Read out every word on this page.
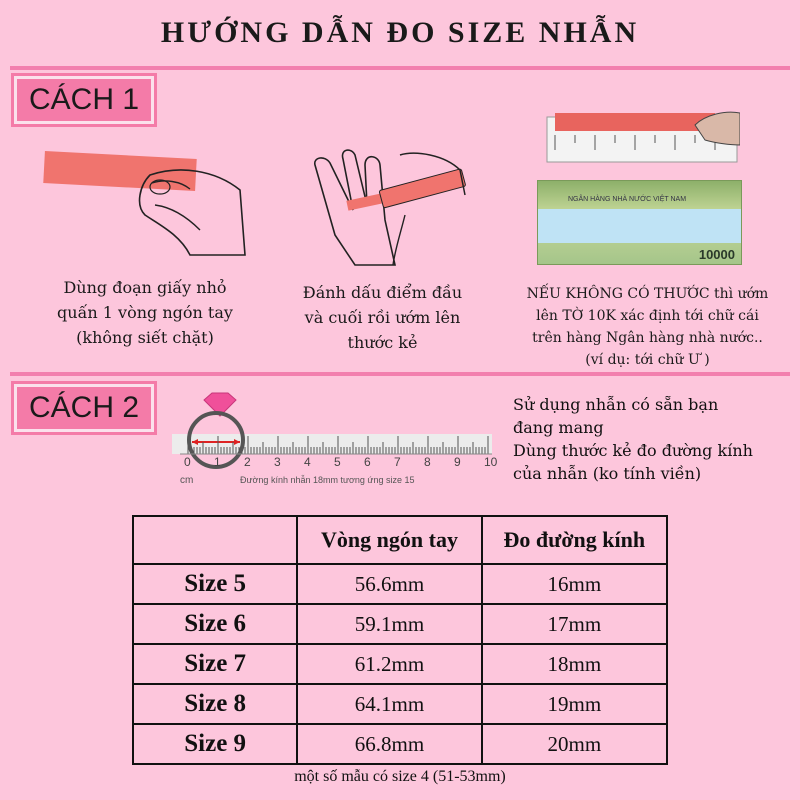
HƯỚNG DẪN ĐO SIZE NHẪN
CÁCH 1
Dùng đoạn giấy nhỏ
quấn 1 vòng ngón tay
(không siết chặt)
Đánh dấu điểm đầu
và cuối rồi ướm lên
thước kẻ
NGÂN HÀNG NHÀ NƯỚC VIỆT NAM
10000
NẾU KHÔNG CÓ THƯỚC thì ướm
lên TỜ 10K xác định tới chữ cái
trên hàng Ngân hàng nhà nước..
(ví dụ: tới chữ Ư )
CÁCH 2
0 1 2 3 4 5 6 7 8 9 10
cm	Đường kính nhẫn 18mm tương ứng size 15
Sử dụng nhẫn có sẵn bạn
đang mang
Dùng thước kẻ đo đường kính
của nhẫn (ko tính viền)
	Vòng ngón tay	Đo đường kính
Size 5	56.6mm	16mm
Size 6	59.1mm	17mm
Size 7	61.2mm	18mm
Size 8	64.1mm	19mm
Size 9	66.8mm	20mm
một số mẫu có size 4 (51-53mm)
